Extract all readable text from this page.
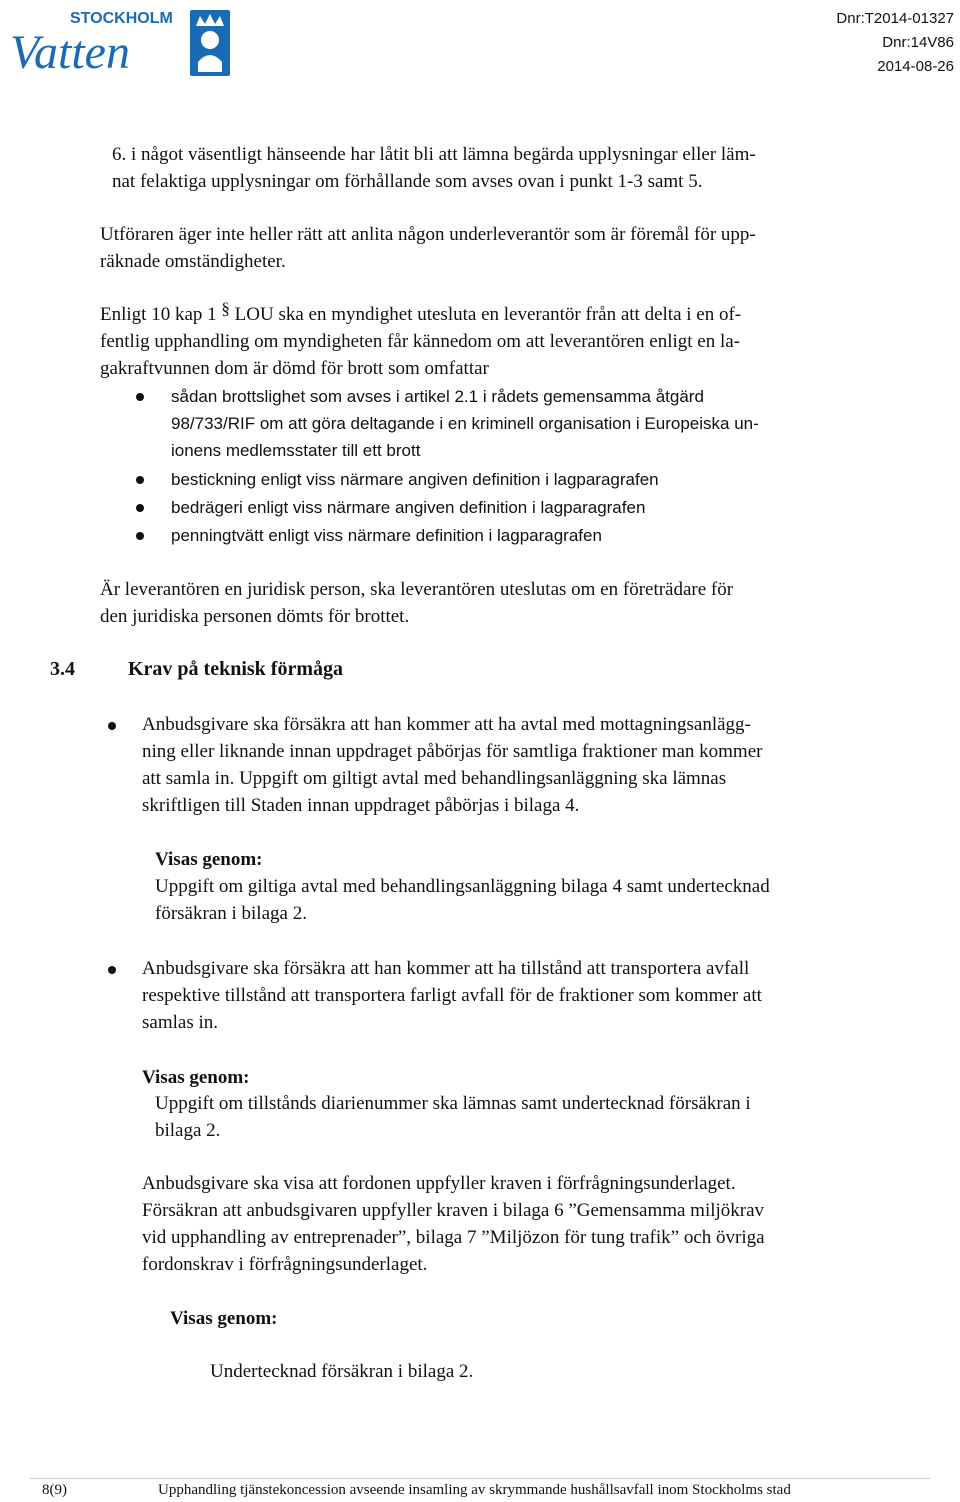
STOCKHOLM
Vatten
Dnr:T2014-01327
Dnr:14V86
2014-08-26
6. i något väsentligt hänseende har låtit bli att lämna begärda upplysningar eller läm-
nat felaktiga upplysningar om förhållande som avses ovan i punkt 1-3 samt 5.
Utföraren äger inte heller rätt att anlita någon underleverantör som är föremål för upp-
räknade omständigheter.
Enligt 10 kap 1 § LOU ska en myndighet utesluta en leverantör från att delta i en of-
fentlig upphandling om myndigheten får kännedom om att leverantören enligt en la-
gakraftvunnen dom är dömd för brott som omfattar
sådan brottslighet som avses i artikel 2.1 i rådets gemensamma åtgärd
98/733/RIF om att göra deltagande i en kriminell organisation i Europeiska un-
ionens medlemsstater till ett brott
bestickning enligt viss närmare angiven definition i lagparagrafen
bedrägeri enligt viss närmare angiven definition i lagparagrafen
penningtvätt enligt viss närmare definition i lagparagrafen
Är leverantören en juridisk person, ska leverantören uteslutas om en företrädare för
den juridiska personen dömts för brottet.
3.4	Krav på teknisk förmåga
Anbudsgivare ska försäkra att han kommer att ha avtal med mottagningsanlägg-
ning eller liknande innan uppdraget påbörjas för samtliga fraktioner man kommer
att samla in. Uppgift om giltigt avtal med behandlingsanläggning ska lämnas
skriftligen till Staden innan uppdraget påbörjas i bilaga 4.
Visas genom:
Uppgift om giltiga avtal med behandlingsanläggning bilaga 4 samt undertecknad
försäkran i bilaga 2.
Anbudsgivare ska försäkra att han kommer att ha tillstånd att transportera avfall
respektive tillstånd att transportera farligt avfall för de fraktioner som kommer att
samlas in.
Visas genom:
Uppgift om tillstånds diarienummer ska lämnas samt undertecknad försäkran i
bilaga 2.
Anbudsgivare ska visa att fordonen uppfyller kraven i förfrågningsunderlaget.
Försäkran att anbudsgivaren uppfyller kraven i bilaga 6 ”Gemensamma miljökrav
vid upphandling av entreprenader”, bilaga 7 ”Miljözon för tung trafik” och övriga
fordonskrav i förfrågningsunderlaget.
Visas genom:
Undertecknad försäkran i bilaga 2.
8(9)	Upphandling tjänstekoncession avseende insamling av skrymmande hushållsavfall inom Stockholms stad
